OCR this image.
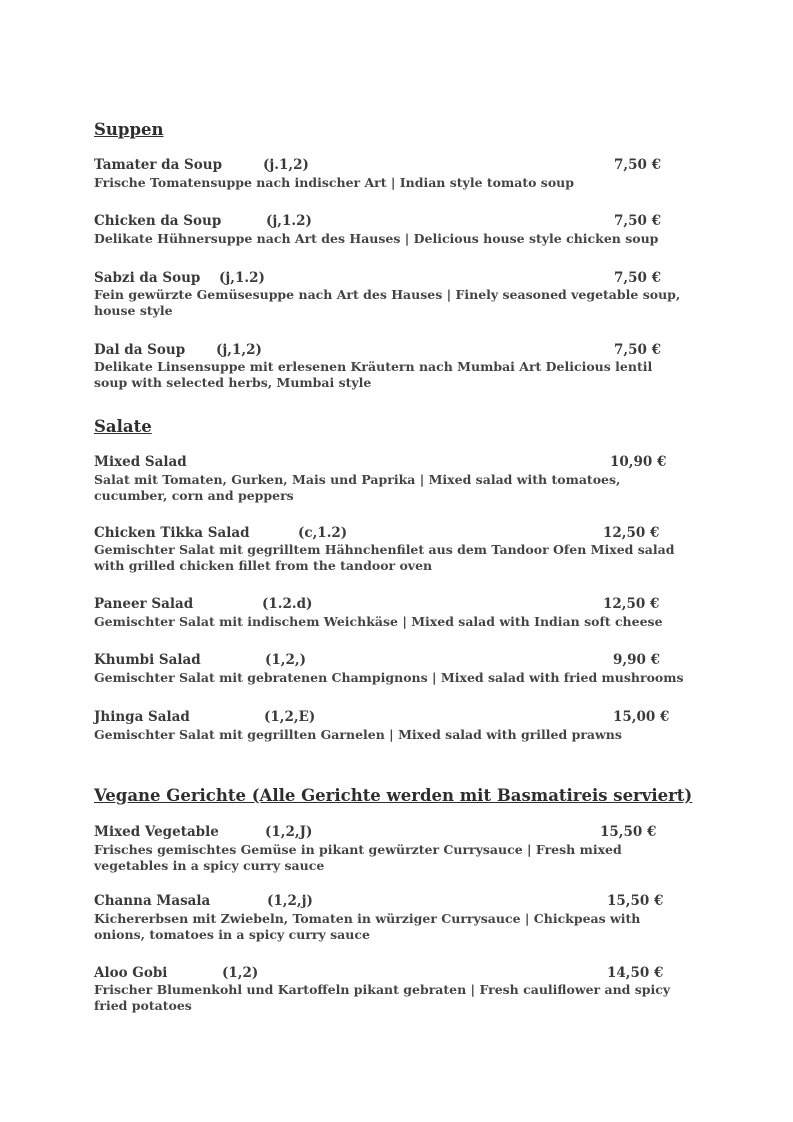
Suppen
Tamater da Soup	(j.1,2)	7,50 €
Frische Tomatensuppe nach indischer Art | Indian style tomato soup
Chicken da Soup	(j,1.2)	7,50 €
Delikate Hühnersuppe nach Art des Hauses | Delicious house style chicken soup
Sabzi da Soup (j,1.2)	7,50 €
Fein gewürzte Gemüsesuppe nach Art des Hauses | Finely seasoned vegetable soup, house style
Dal da Soup (j,1,2)	7,50 €
Delikate Linsensuppe mit erlesenen Kräutern nach Mumbai Art Delicious lentil soup with selected herbs, Mumbai style
Salate
Mixed Salad	10,90 €
Salat mit Tomaten, Gurken, Mais und Paprika | Mixed salad with tomatoes, cucumber, corn and peppers
Chicken Tikka Salad	(c,1.2)	12,50 €
Gemischter Salat mit gegrilltem Hähnchenfilet aus dem Tandoor Ofen Mixed salad with grilled chicken fillet from the tandoor oven
Paneer Salad	(1.2.d)	12,50 €
Gemischter Salat mit indischem Weichkäse | Mixed salad with Indian soft cheese
Khumbi Salad	(1,2,)	9,90 €
Gemischter Salat mit gebratenen Champignons | Mixed salad with fried mushrooms
Jhinga Salad	(1,2,E)	15,00 €
Gemischter Salat mit gegrillten Garnelen | Mixed salad with grilled prawns
Vegane Gerichte (Alle Gerichte werden mit Basmatireis serviert)
Mixed Vegetable	(1,2,J)	15,50 €
Frisches gemischtes Gemüse in pikant gewürzter Currysauce | Fresh mixed vegetables in a spicy curry sauce
Channa Masala	(1,2,j)	15,50 €
Kichererbsen mit Zwiebeln, Tomaten in würziger Currysauce | Chickpeas with onions, tomatoes in a spicy curry sauce
Aloo Gobi	(1,2)	14,50 €
Frischer Blumenkohl und Kartoffeln pikant gebraten | Fresh cauliflower and spicy fried potatoes
